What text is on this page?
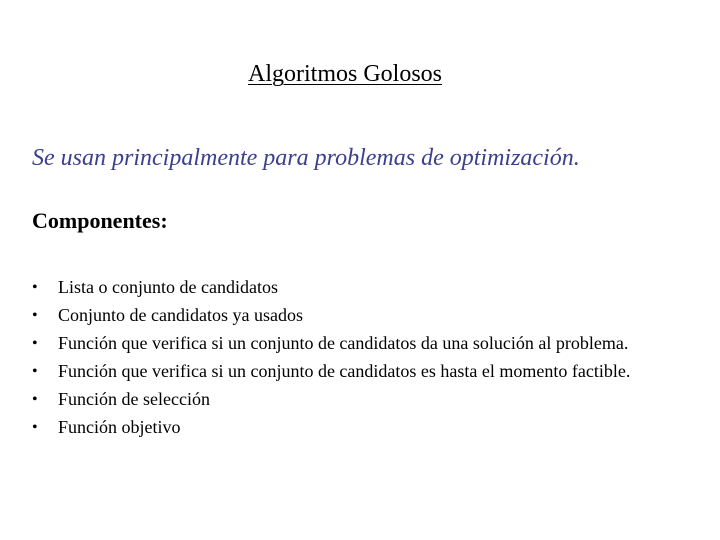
Algoritmos Golosos
Se usan principalmente para problemas de optimización.
Componentes:
• Lista o conjunto de candidatos
• Conjunto de candidatos ya usados
• Función que verifica si un conjunto de candidatos da una solución al problema.
• Función que verifica si un conjunto de candidatos es hasta el momento factible.
• Función de selección
• Función objetivo
